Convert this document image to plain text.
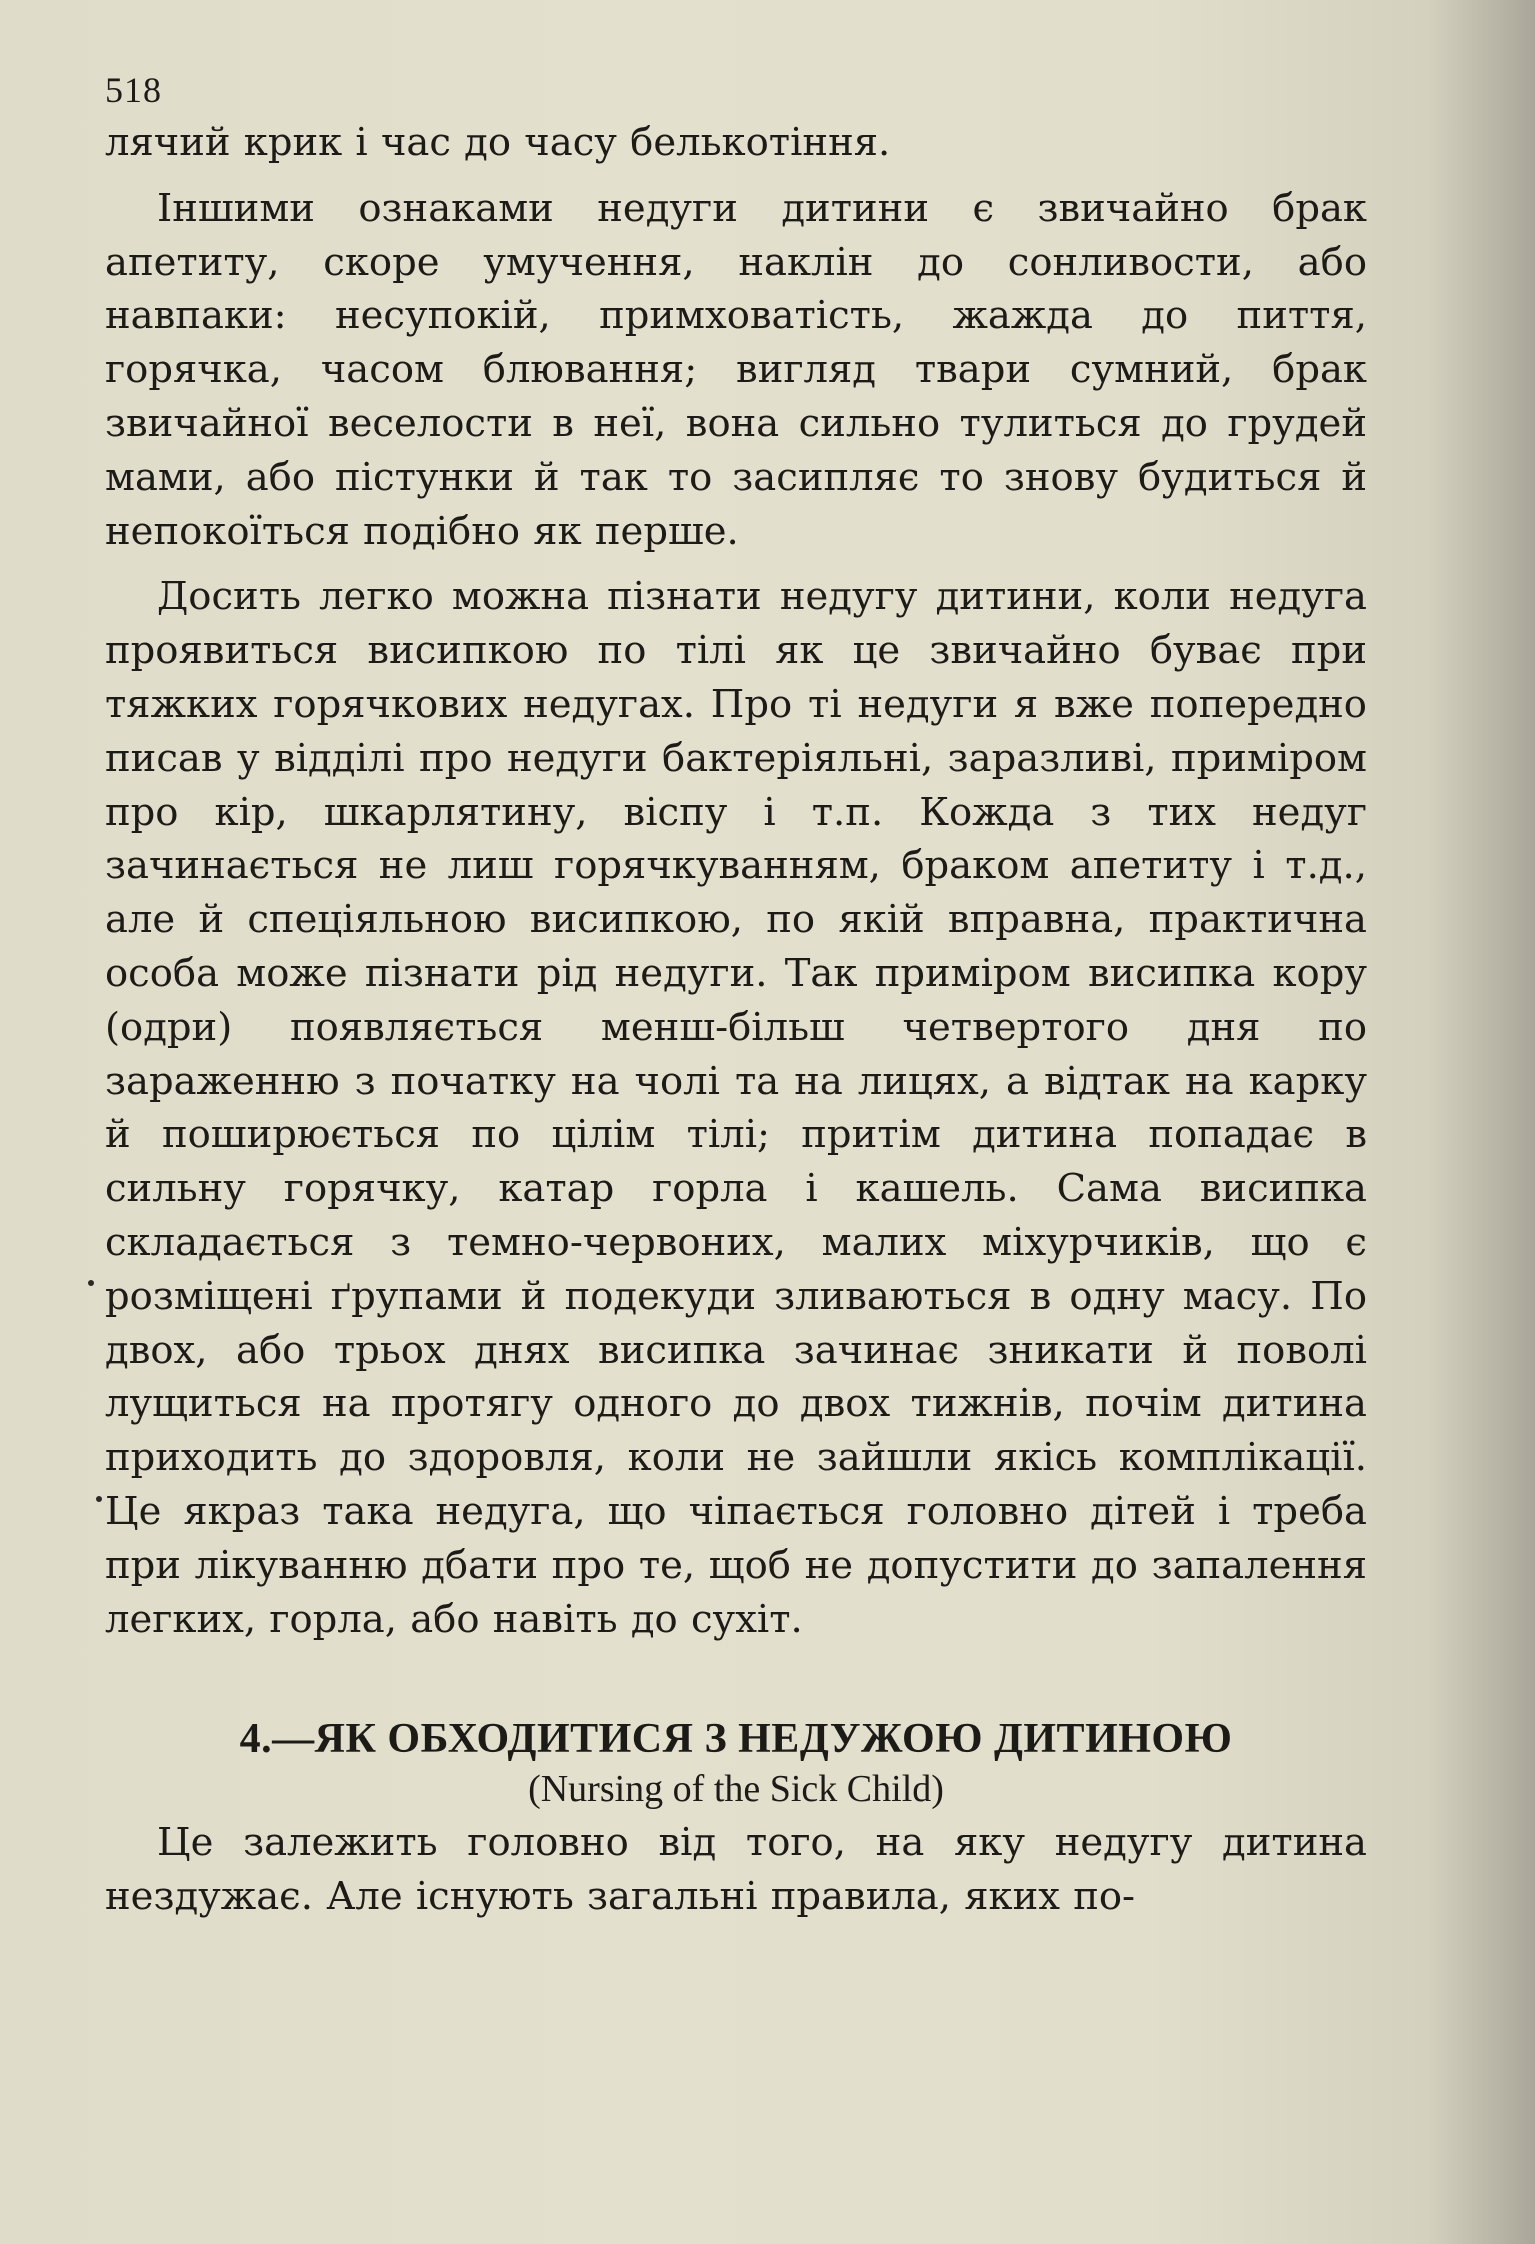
518

лячий крик і час до часу белькотіння.

Іншими ознаками недуги дитини є звичайно брак апетиту, скоре умучення, наклін до сонливости, або навпаки: несупокій, примховатість, жажда до пиття, горячка, часом блювання; вигляд твари сумний, брак звичайної веселости в неї, вона сильно тулиться до грудей мами, або пістунки й так то засипляє то знову будиться й непокоїться подібно як перше.

Досить легко можна пізнати недугу дитини, коли недуга проявиться висипкою по тілі як це звичайно буває при тяжких горячкових недугах. Про ті недуги я вже попередно писав у відділі про недуги бактеріяльні, заразливі, приміром про кір, шкарлятину, віспу і т.п. Кожда з тих недуг зачинається не лиш горячкуванням, браком апетиту і т.д., але й спеціяльною висипкою, по якій вправна, практична особа може пізнати рід недуги. Так приміром висипка кору (одри) появляється менш-більш четвертого дня по зараженню з початку на чолі та на лицях, а відтак на карку й поширюється по цілім тілі; притім дитина попадає в сильну горячку, катар горла і кашель. Сама висипка складається з темно-червоних, малих міхурчиків, що є розміщені ґрупами й подекуди зливаються в одну масу. По двох, або трьох днях висипка зачинає зникати й поволі лущиться на протягу одного до двох тижнів, почім дитина приходить до здоровля, коли не зайшли якісь комплікації. Це якраз така недуга, що чіпається головно дітей і треба при лікуванню дбати про те, щоб не допустити до запалення легких, горла, або навіть до сухіт.

4.—ЯК ОБХОДИТИСЯ З НЕДУЖОЮ ДИТИНОЮ
(Nursing of the Sick Child)

Це залежить головно від того, на яку недугу дитина нездужає. Але існують загальні правила, яких по-
